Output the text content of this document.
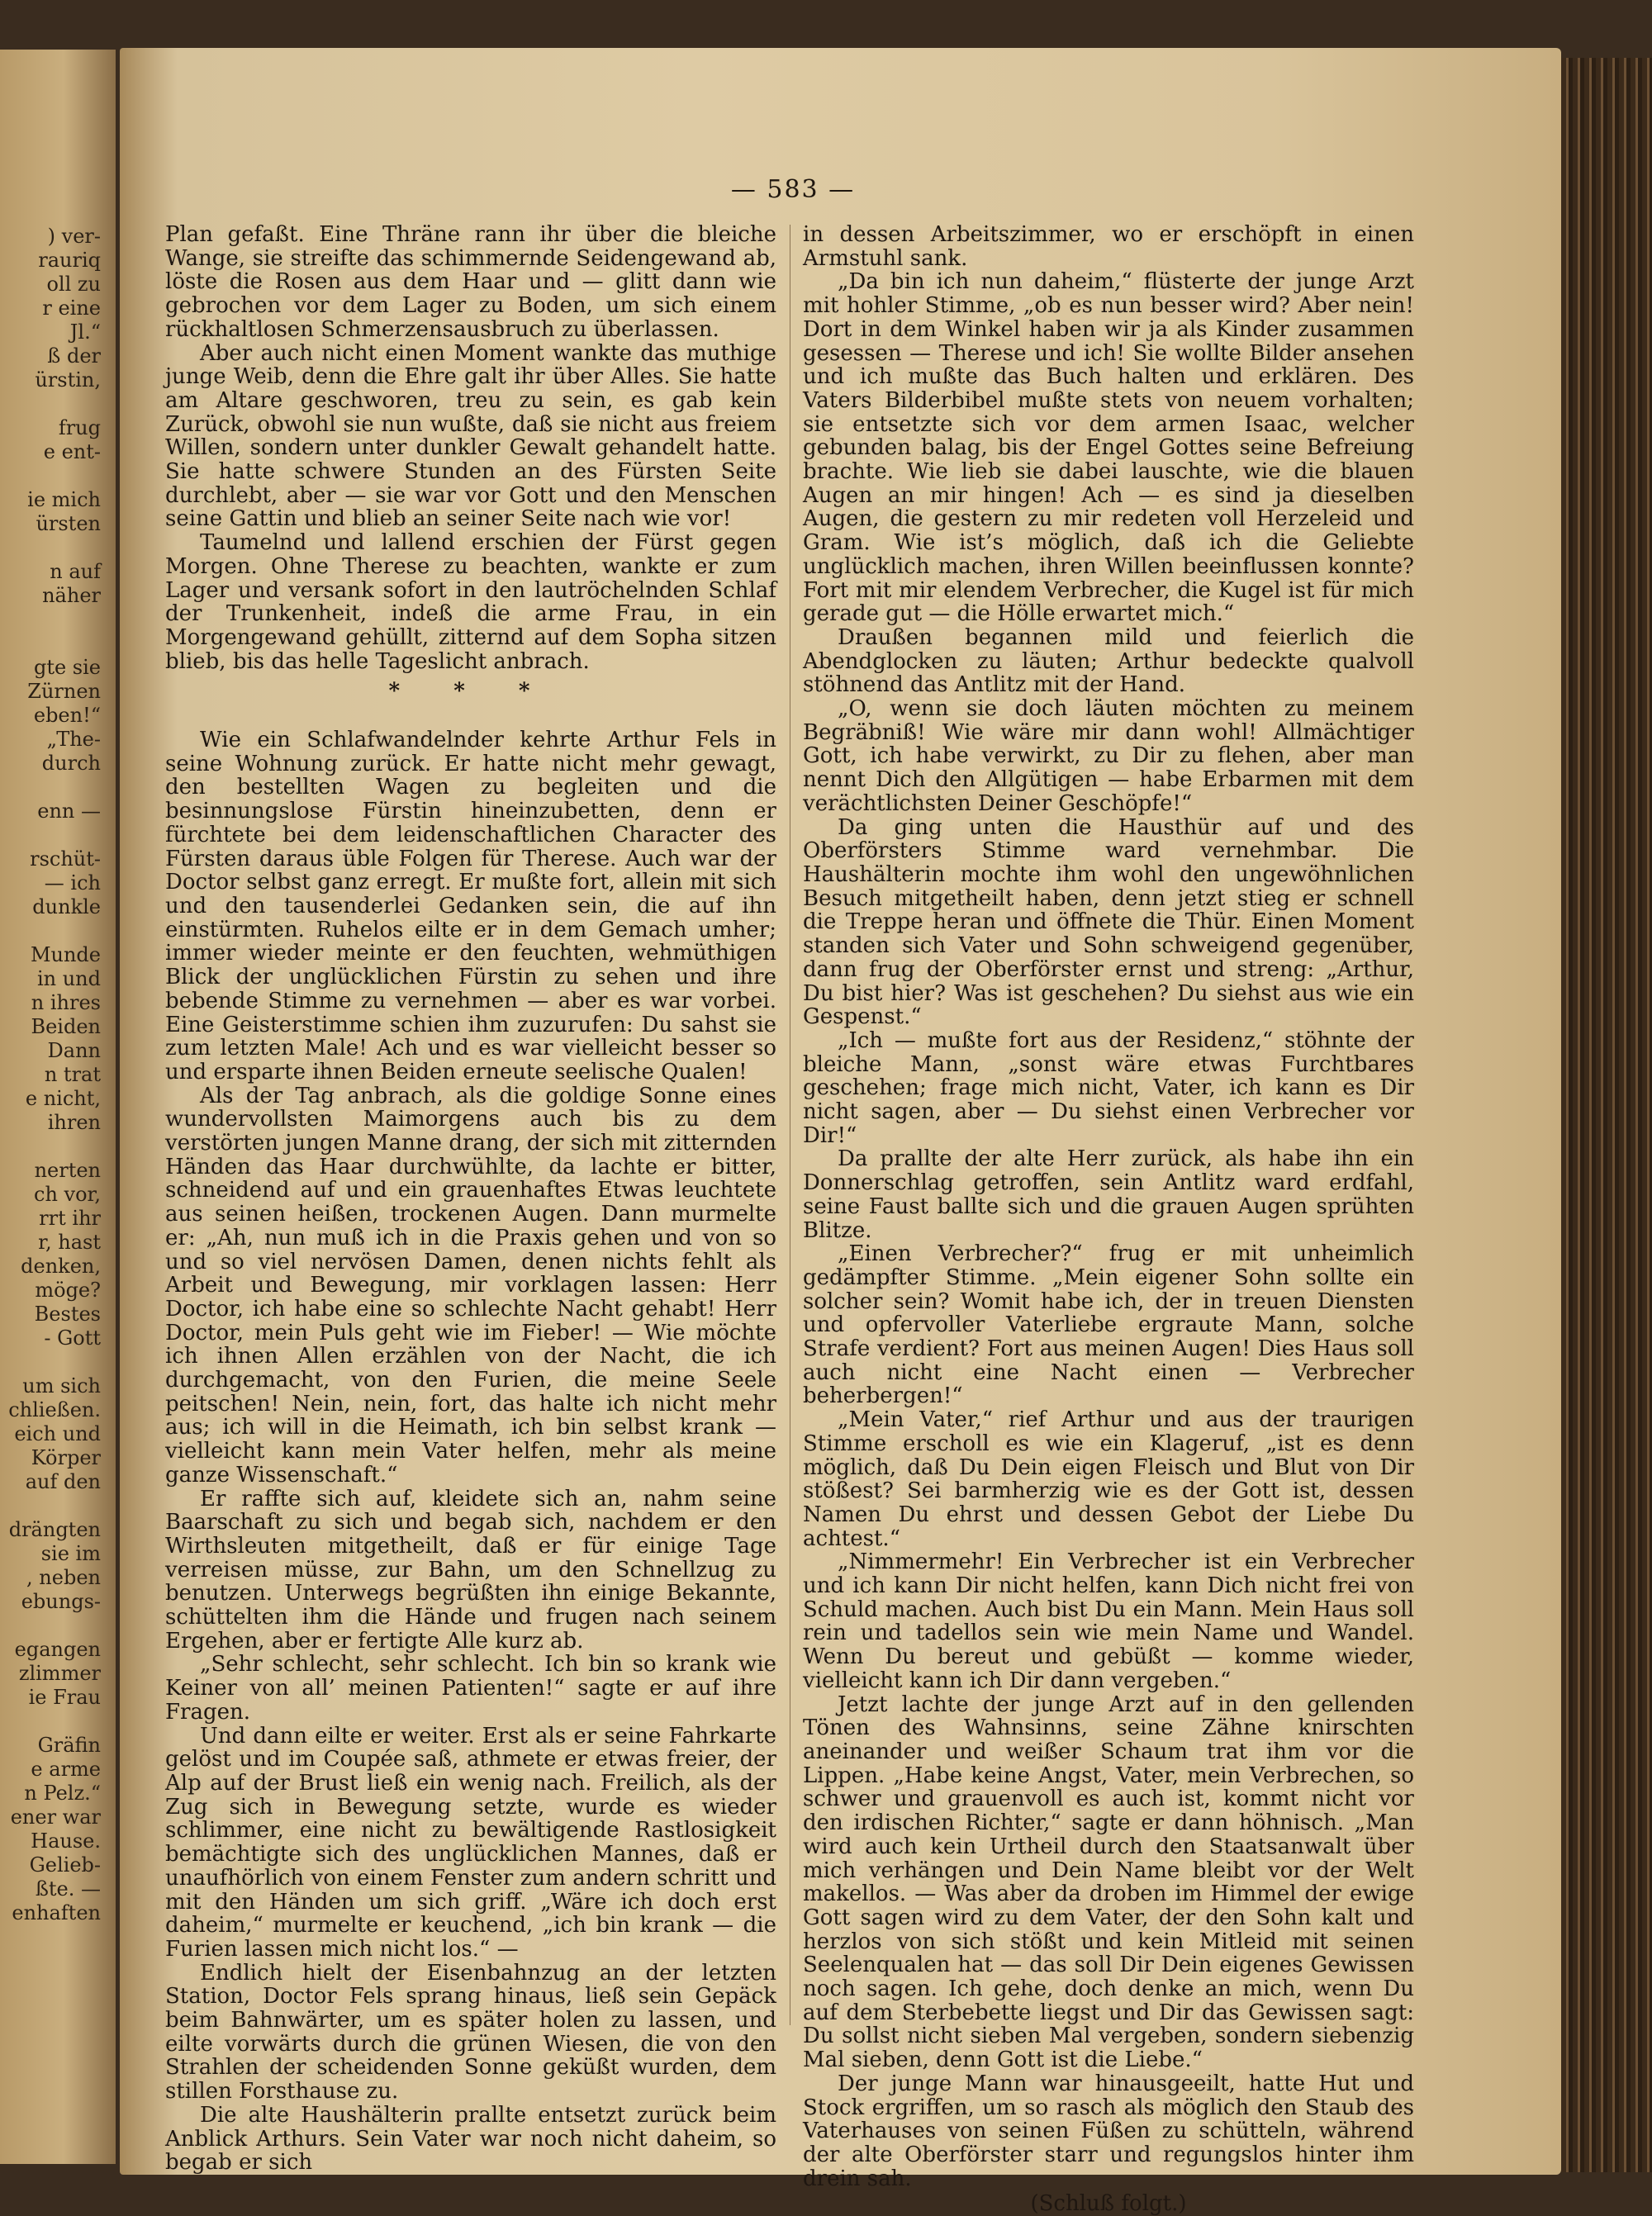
) ver-
rauriq
oll zu
r eine
Jl.“
ß der
ürstin,
frug
e ent-
ie mich
ürsten
n auf
näher
gte sie
Zürnen
eben!“
„The-
durch
enn —
rschüt-
— ich
dunkle
Munde
in und
n ihres
Beiden
Dann
n trat
e nicht,
ihren
nerten
ch vor,
rrt ihr
r, hast
denken,
möge?
Bestes
- Gott
um sich
chließen.
eich und
Körper
auf den
drängten
sie im
, neben
ebungs-
egangen
zlimmer
ie Frau
Gräfin
e arme
n Pelz.“
ener war
Hause.
Gelieb-
ßte. —
enhaften
— 583 —

Plan gefaßt. Eine Thräne rann ihr über die bleiche Wange, sie streifte das schimmernde Seidengewand ab, löste die Rosen aus dem Haar und — glitt dann wie gebrochen vor dem Lager zu Boden, um sich einem rückhaltlosen Schmerzensausbruch zu überlassen.

Aber auch nicht einen Moment wankte das muthige junge Weib, denn die Ehre galt ihr über Alles. Sie hatte am Altare geschworen, treu zu sein, es gab kein Zurück, obwohl sie nun wußte, daß sie nicht aus freiem Willen, sondern unter dunkler Gewalt gehandelt hatte. Sie hatte schwere Stunden an des Fürsten Seite durchlebt, aber — sie war vor Gott und den Menschen seine Gattin und blieb an seiner Seite nach wie vor!

Taumelnd und lallend erschien der Fürst gegen Morgen. Ohne Therese zu beachten, wankte er zum Lager und versank sofort in den lautröchelnden Schlaf der Trunkenheit, indeß die arme Frau, in ein Morgengewand gehüllt, zitternd auf dem Sopha sitzen blieb, bis das helle Tageslicht anbrach.

* * *

Wie ein Schlafwandelnder kehrte Arthur Fels in seine Wohnung zurück. Er hatte nicht mehr gewagt, den bestellten Wagen zu begleiten und die besinnungslose Fürstin hineinzubetten, denn er fürchtete bei dem leidenschaftlichen Character des Fürsten daraus üble Folgen für Therese. Auch war der Doctor selbst ganz erregt. Er mußte fort, allein mit sich und den tausenderlei Gedanken sein, die auf ihn einstürmten. Ruhelos eilte er in dem Gemach umher; immer wieder meinte er den feuchten, wehmüthigen Blick der unglücklichen Fürstin zu sehen und ihre bebende Stimme zu vernehmen — aber es war vorbei. Eine Geisterstimme schien ihm zuzurufen: Du sahst sie zum letzten Male! Ach und es war vielleicht besser so und ersparte ihnen Beiden erneute seelische Qualen!

Als der Tag anbrach, als die goldige Sonne eines wundervollsten Maimorgens auch bis zu dem verstörten jungen Manne drang, der sich mit zitternden Händen das Haar durchwühlte, da lachte er bitter, schneidend auf und ein grauenhaftes Etwas leuchtete aus seinen heißen, trockenen Augen. Dann murmelte er: „Ah, nun muß ich in die Praxis gehen und von so und so viel nervösen Damen, denen nichts fehlt als Arbeit und Bewegung, mir vorklagen lassen: Herr Doctor, ich habe eine so schlechte Nacht gehabt! Herr Doctor, mein Puls geht wie im Fieber! — Wie möchte ich ihnen Allen erzählen von der Nacht, die ich durchgemacht, von den Furien, die meine Seele peitschen! Nein, nein, fort, das halte ich nicht mehr aus; ich will in die Heimath, ich bin selbst krank — vielleicht kann mein Vater helfen, mehr als meine ganze Wissenschaft.“

Er raffte sich auf, kleidete sich an, nahm seine Baarschaft zu sich und begab sich, nachdem er den Wirthsleuten mitgetheilt, daß er für einige Tage verreisen müsse, zur Bahn, um den Schnellzug zu benutzen. Unterwegs begrüßten ihn einige Bekannte, schüttelten ihm die Hände und frugen nach seinem Ergehen, aber er fertigte Alle kurz ab.

„Sehr schlecht, sehr schlecht. Ich bin so krank wie Keiner von all’ meinen Patienten!“ sagte er auf ihre Fragen.

Und dann eilte er weiter. Erst als er seine Fahrkarte gelöst und im Coupée saß, athmete er etwas freier, der Alp auf der Brust ließ ein wenig nach. Freilich, als der Zug sich in Bewegung setzte, wurde es wieder schlimmer, eine nicht zu bewältigende Rastlosigkeit bemächtigte sich des unglücklichen Mannes, daß er unaufhörlich von einem Fenster zum andern schritt und mit den Händen um sich griff. „Wäre ich doch erst daheim,“ murmelte er keuchend, „ich bin krank — die Furien lassen mich nicht los.“ —

Endlich hielt der Eisenbahnzug an der letzten Station, Doctor Fels sprang hinaus, ließ sein Gepäck beim Bahnwärter, um es später holen zu lassen, und eilte vorwärts durch die grünen Wiesen, die von den Strahlen der scheidenden Sonne geküßt wurden, dem stillen Forsthause zu.

Die alte Haushälterin prallte entsetzt zurück beim Anblick Arthurs. Sein Vater war noch nicht daheim, so begab er sich

in dessen Arbeitszimmer, wo er erschöpft in einen Armstuhl sank.

„Da bin ich nun daheim,“ flüsterte der junge Arzt mit hohler Stimme, „ob es nun besser wird? Aber nein! Dort in dem Winkel haben wir ja als Kinder zusammen gesessen — Therese und ich! Sie wollte Bilder ansehen und ich mußte das Buch halten und erklären. Des Vaters Bilderbibel mußte stets von neuem vorhalten; sie entsetzte sich vor dem armen Isaac, welcher gebunden balag, bis der Engel Gottes seine Befreiung brachte. Wie lieb sie dabei lauschte, wie die blauen Augen an mir hingen! Ach — es sind ja dieselben Augen, die gestern zu mir redeten voll Herzeleid und Gram. Wie ist’s möglich, daß ich die Geliebte unglücklich machen, ihren Willen beeinflussen konnte? Fort mit mir elendem Verbrecher, die Kugel ist für mich gerade gut — die Hölle erwartet mich.“

Draußen begannen mild und feierlich die Abendglocken zu läuten; Arthur bedeckte qualvoll stöhnend das Antlitz mit der Hand.

„O, wenn sie doch läuten möchten zu meinem Begräbniß! Wie wäre mir dann wohl! Allmächtiger Gott, ich habe verwirkt, zu Dir zu flehen, aber man nennt Dich den Allgütigen — habe Erbarmen mit dem verächtlichsten Deiner Geschöpfe!“

Da ging unten die Hausthür auf und des Oberförsters Stimme ward vernehmbar. Die Haushälterin mochte ihm wohl den ungewöhnlichen Besuch mitgetheilt haben, denn jetzt stieg er schnell die Treppe heran und öffnete die Thür. Einen Moment standen sich Vater und Sohn schweigend gegenüber, dann frug der Oberförster ernst und streng: „Arthur, Du bist hier? Was ist geschehen? Du siehst aus wie ein Gespenst.“

„Ich — mußte fort aus der Residenz,“ stöhnte der bleiche Mann, „sonst wäre etwas Furchtbares geschehen; frage mich nicht, Vater, ich kann es Dir nicht sagen, aber — Du siehst einen Verbrecher vor Dir!“

Da prallte der alte Herr zurück, als habe ihn ein Donnerschlag getroffen, sein Antlitz ward erdfahl, seine Faust ballte sich und die grauen Augen sprühten Blitze.

„Einen Verbrecher?“ frug er mit unheimlich gedämpfter Stimme. „Mein eigener Sohn sollte ein solcher sein? Womit habe ich, der in treuen Diensten und opfervoller Vaterliebe ergraute Mann, solche Strafe verdient? Fort aus meinen Augen! Dies Haus soll auch nicht eine Nacht einen — Verbrecher beherbergen!“

„Mein Vater,“ rief Arthur und aus der traurigen Stimme erscholl es wie ein Klageruf, „ist es denn möglich, daß Du Dein eigen Fleisch und Blut von Dir stößest? Sei barmherzig wie es der Gott ist, dessen Namen Du ehrst und dessen Gebot der Liebe Du achtest.“

„Nimmermehr! Ein Verbrecher ist ein Verbrecher und ich kann Dir nicht helfen, kann Dich nicht frei von Schuld machen. Auch bist Du ein Mann. Mein Haus soll rein und tadellos sein wie mein Name und Wandel. Wenn Du bereut und gebüßt — komme wieder, vielleicht kann ich Dir dann vergeben.“

Jetzt lachte der junge Arzt auf in den gellenden Tönen des Wahnsinns, seine Zähne knirschten aneinander und weißer Schaum trat ihm vor die Lippen. „Habe keine Angst, Vater, mein Verbrechen, so schwer und grauenvoll es auch ist, kommt nicht vor den irdischen Richter,“ sagte er dann höhnisch. „Man wird auch kein Urtheil durch den Staatsanwalt über mich verhängen und Dein Name bleibt vor der Welt makellos. — Was aber da droben im Himmel der ewige Gott sagen wird zu dem Vater, der den Sohn kalt und herzlos von sich stößt und kein Mitleid mit seinen Seelenqualen hat — das soll Dir Dein eigenes Gewissen noch sagen. Ich gehe, doch denke an mich, wenn Du auf dem Sterbebette liegst und Dir das Gewissen sagt: Du sollst nicht sieben Mal vergeben, sondern siebenzig Mal sieben, denn Gott ist die Liebe.“

Der junge Mann war hinausgeeilt, hatte Hut und Stock ergriffen, um so rasch als möglich den Staub des Vaterhauses von seinen Füßen zu schütteln, während der alte Oberförster starr und regungslos hinter ihm drein sah.

(Schluß folgt.)
